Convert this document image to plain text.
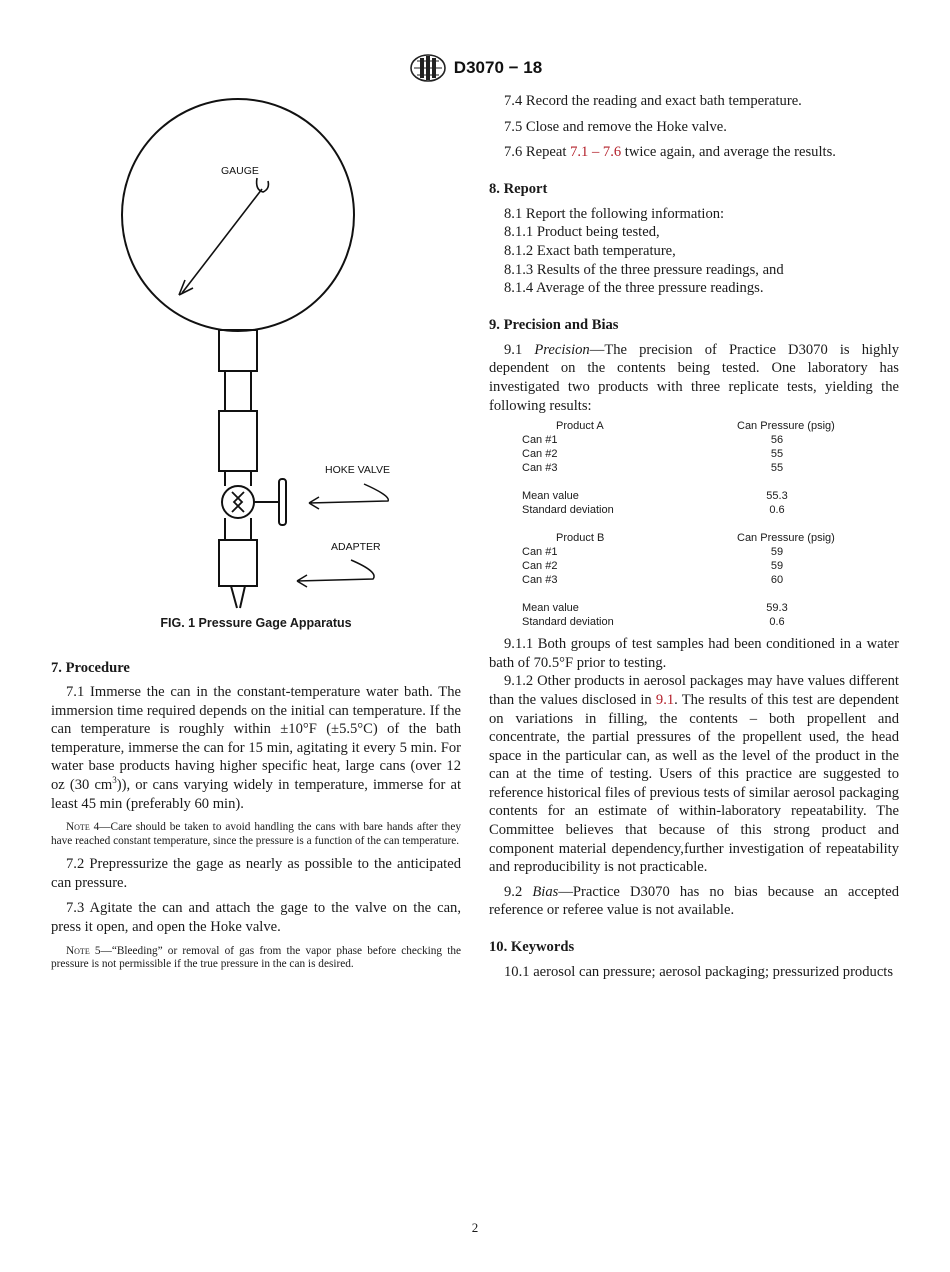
D3070 − 18
GAUGE
HOKE VALVE
ADAPTER

FIG. 1 Pressure Gage Apparatus

7. Procedure

7.1 Immerse the can in the constant-temperature water bath. The immersion time required depends on the initial can temperature. If the can temperature is roughly within ±10°F (±5.5°C) of the bath temperature, immerse the can for 15 min, agitating it every 5 min. For water base products having higher specific heat, large cans (over 12 oz (30 $cm^3$)), or cans varying widely in temperature, immerse for at least 45 min (preferably 60 min).

Note 4—Care should be taken to avoid handling the cans with bare hands after they have reached constant temperature, since the pressure is a function of the can temperature.

7.2 Prepressurize the gage as nearly as possible to the anticipated can pressure.

7.3 Agitate the can and attach the gage to the valve on the can, press it open, and open the Hoke valve.

Note 5—“Bleeding” or removal of gas from the vapor phase before checking the pressure is not permissible if the true pressure in the can is desired.

7.4 Record the reading and exact bath temperature.

7.5 Close and remove the Hoke valve.

7.6 Repeat 7.1 – 7.6 twice again, and average the results.

8. Report

8.1 Report the following information:

8.1.1 Product being tested,

8.1.2 Exact bath temperature,

8.1.3 Results of the three pressure readings, and

8.1.4 Average of the three pressure readings.

9. Precision and Bias

9.1 Precision—The precision of Practice D3070 is highly dependent on the contents being tested. One laboratory has investigated two products with three replicate tests, yielding the following results:

Product A	Can Pressure (psig)
Can #1	56
Can #2	55
Can #3	55
Mean value	55.3
Standard deviation	0.6
Product B	Can Pressure (psig)
Can #1	59
Can #2	59
Can #3	60
Mean value	59.3
Standard deviation	0.6

9.1.1 Both groups of test samples had been conditioned in a water bath of 70.5°F prior to testing.

9.1.2 Other products in aerosol packages may have values different than the values disclosed in 9.1. The results of this test are dependent on variations in filling, the contents – both propellent and concentrate, the partial pressures of the propellent used, the head space in the particular can, as well as the level of the product in the can at the time of testing. Users of this practice are suggested to reference historical files of previous tests of similar aerosol packaging contents for an estimate of within-laboratory repeatability. The Committee believes that because of this strong product and component material dependency,further investigation of repeatability and reproducibility is not practicable.

9.2 Bias—Practice D3070 has no bias because an accepted reference or referee value is not available.

10. Keywords

10.1 aerosol can pressure; aerosol packaging; pressurized products

2
